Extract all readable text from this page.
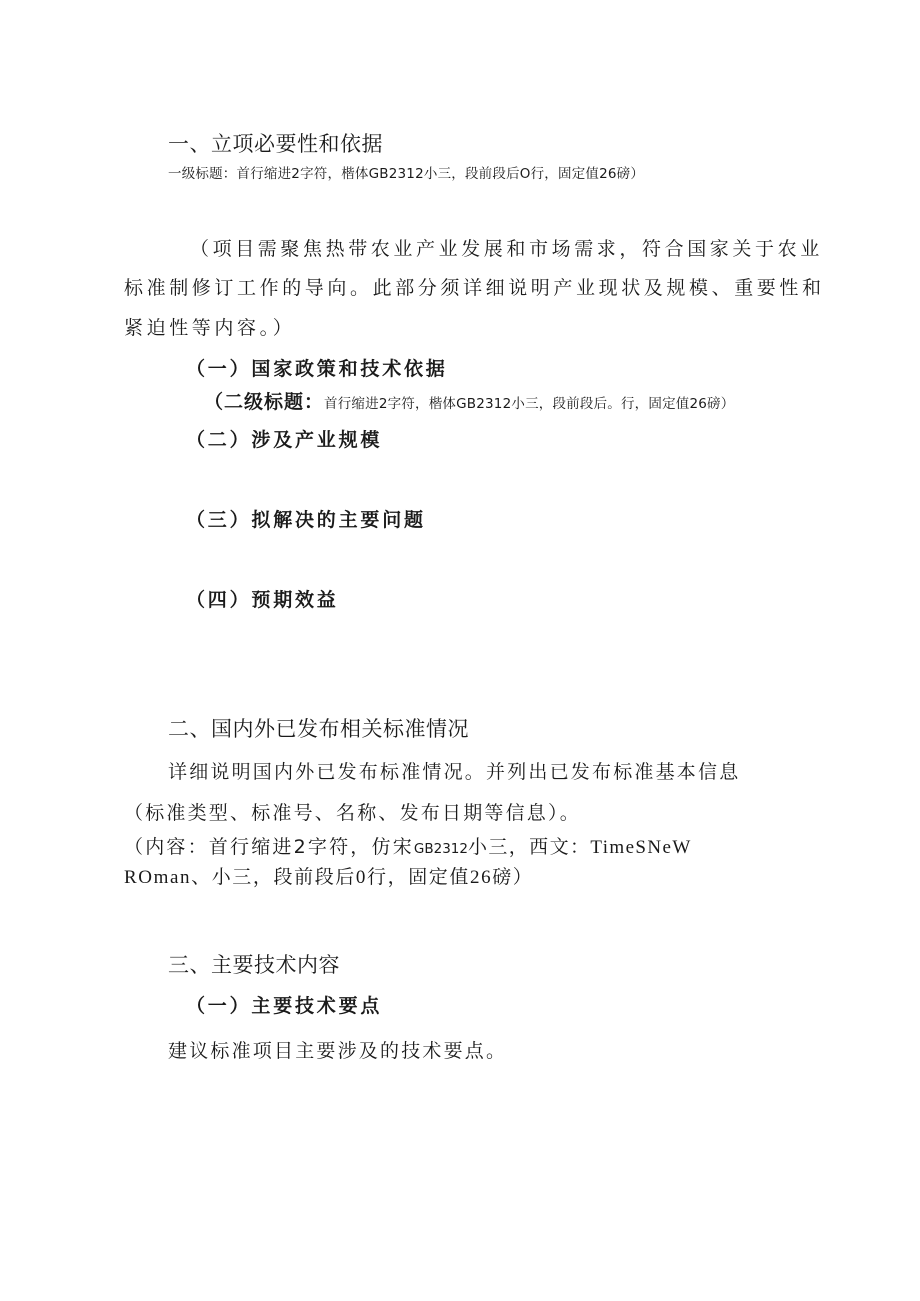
一、立项必要性和依据
一级标题：首行缩进2字符，楷体GB2312小三，段前段后O行，固定值26磅）
（项目需聚焦热带农业产业发展和市场需求，符合国家关于农业
标准制修订工作的导向。此部分须详细说明产业现状及规模、重要性和
紧迫性等内容。）
（一）国家政策和技术依据
（二级标题：首行缩进2字符，楷体GB2312小三，段前段后。行，固定值26磅）
（二）涉及产业规模
（三）拟解决的主要问题
（四）预期效益
二、国内外已发布相关标准情况
详细说明国内外已发布标准情况。并列出已发布标准基本信息
（标准类型、标准号、名称、发布日期等信息）。
（内容：首行缩进2字符，仿宋GB2312小三，西文：TimeSNeW
ROman、小三，段前段后0行，固定值26磅）
三、主要技术内容
（一）主要技术要点
建议标准项目主要涉及的技术要点。
